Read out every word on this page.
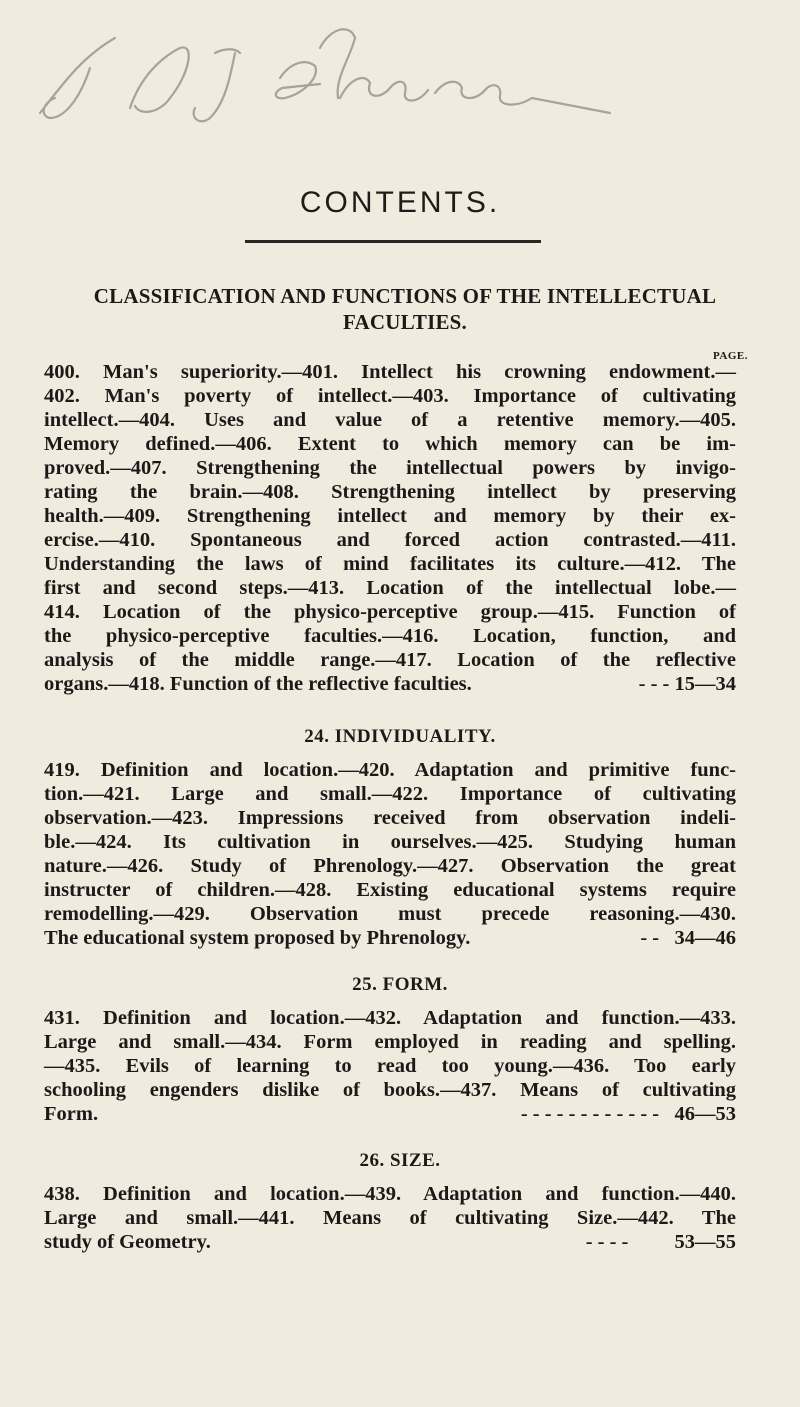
CONTENTS.
CLASSIFICATION AND FUNCTIONS OF THE INTELLECTUAL
FACULTIES.
PAGE.
400. Man's superiority.—401. Intellect his crowning endowment.—
402. Man's poverty of intellect.—403. Importance of cultivating
intellect.—404. Uses and value of a retentive memory.—405.
Memory defined.—406. Extent to which memory can be im-
proved.—407. Strengthening the intellectual powers by invigo-
rating the brain.—408. Strengthening intellect by preserving
health.—409. Strengthening intellect and memory by their ex-
ercise.—410. Spontaneous and forced action contrasted.—411.
Understanding the laws of mind facilitates its culture.—412. The
first and second steps.—413. Location of the intellectual lobe.—
414. Location of the physico-perceptive group.—415. Function of
the physico-perceptive faculties.—416. Location, function, and
analysis of the middle range.—417. Location of the reflective
organs.—418. Function of the reflective faculties.	- - - 15—34
24. INDIVIDUALITY.
419. Definition and location.—420. Adaptation and primitive func-
tion.—421. Large and small.—422. Importance of cultivating
observation.—423. Impressions received from observation indeli-
ble.—424. Its cultivation in ourselves.—425. Studying human
nature.—426. Study of Phrenology.—427. Observation the great
instructer of children.—428. Existing educational systems require
remodelling.—429. Observation must precede reasoning.—430.
The educational system proposed by Phrenology.	- - 34—46
25. FORM.
431. Definition and location.—432. Adaptation and function.—433.
Large and small.—434. Form employed in reading and spelling.
—435. Evils of learning to read too young.—436. Too early
schooling engenders dislike of books.—437. Means of cultivating
Form.	- - - - - - - - - - - - 46—53
26. SIZE.
438. Definition and location.—439. Adaptation and function.—440.
Large and small.—441. Means of cultivating Size.—442. The
study of Geometry.	- - - - 53—55
